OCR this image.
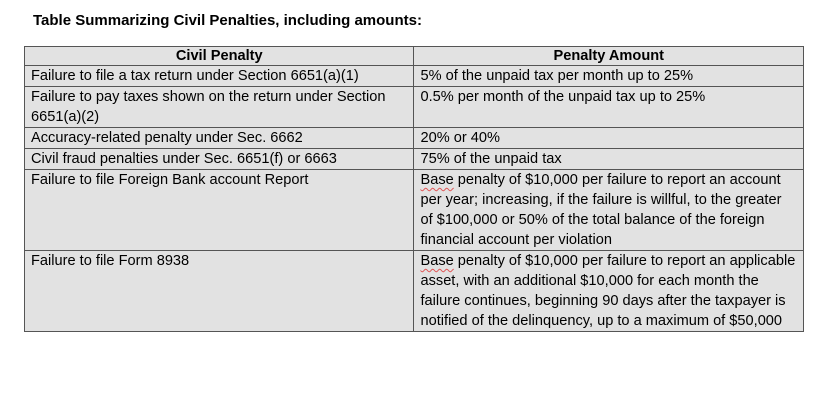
Table Summarizing Civil Penalties, including amounts:
Civil Penalty	Penalty Amount
Failure to file a tax return under Section 6651(a)(1)	5% of the unpaid tax per month up to 25%
Failure to pay taxes shown on the return under Section 6651(a)(2)	0.5% per month of the unpaid tax up to 25%
Accuracy-related penalty under Sec. 6662	20% or 40%
Civil fraud penalties under Sec. 6651(f) or 6663	75% of the unpaid tax
Failure to file Foreign Bank account Report	Base penalty of $10,000 per failure to report an account per year; increasing, if the failure is willful, to the greater of $100,000 or 50% of the total balance of the foreign financial account per violation
Failure to file Form 8938	Base penalty of $10,000 per failure to report an applicable asset, with an additional $10,000 for each month the failure continues, beginning 90 days after the taxpayer is notified of the delinquency, up to a maximum of $50,000
